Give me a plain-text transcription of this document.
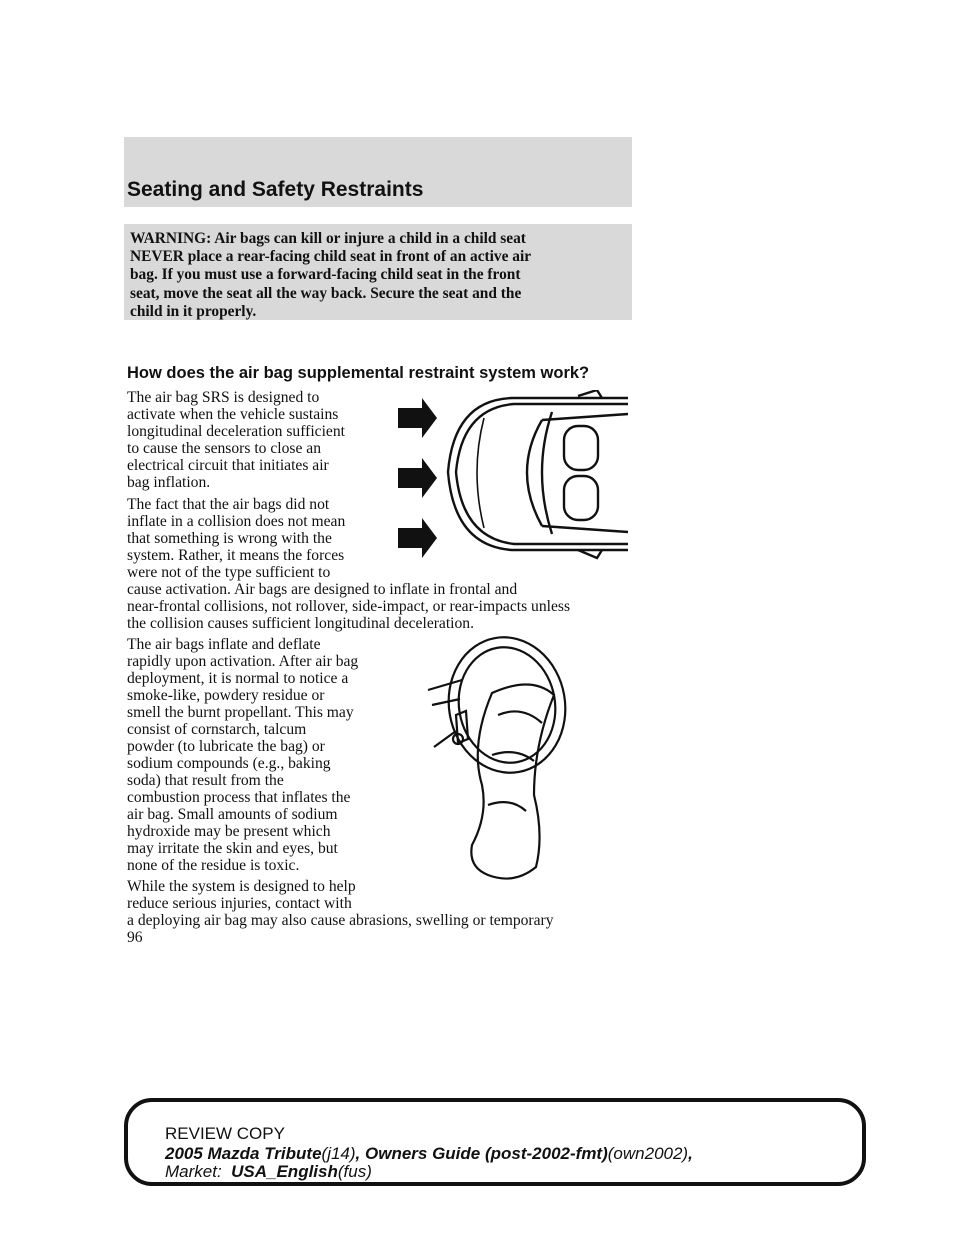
Seating and Safety Restraints
WARNING: Air bags can kill or injure a child in a child seat
NEVER place a rear-facing child seat in front of an active air
bag. If you must use a forward-facing child seat in the front
seat, move the seat all the way back. Secure the seat and the
child in it properly.
How does the air bag supplemental restraint system work?
The air bag SRS is designed to
activate when the vehicle sustains
longitudinal deceleration sufficient
to cause the sensors to close an
electrical circuit that initiates air
bag inflation.
The fact that the air bags did not
inflate in a collision does not mean
that something is wrong with the
system. Rather, it means the forces
were not of the type sufficient to
cause activation. Air bags are designed to inflate in frontal and
near-frontal collisions, not rollover, side-impact, or rear-impacts unless
the collision causes sufficient longitudinal deceleration.
The air bags inflate and deflate
rapidly upon activation. After air bag
deployment, it is normal to notice a
smoke-like, powdery residue or
smell the burnt propellant. This may
consist of cornstarch, talcum
powder (to lubricate the bag) or
sodium compounds (e.g., baking
soda) that result from the
combustion process that inflates the
air bag. Small amounts of sodium
hydroxide may be present which
may irritate the skin and eyes, but
none of the residue is toxic.
While the system is designed to help
reduce serious injuries, contact with
a deploying air bag may also cause abrasions, swelling or temporary
96
REVIEW COPY
2005 Mazda Tribute(j14), Owners Guide (post-2002-fmt)(own2002),
Market:  USA_English(fus)
